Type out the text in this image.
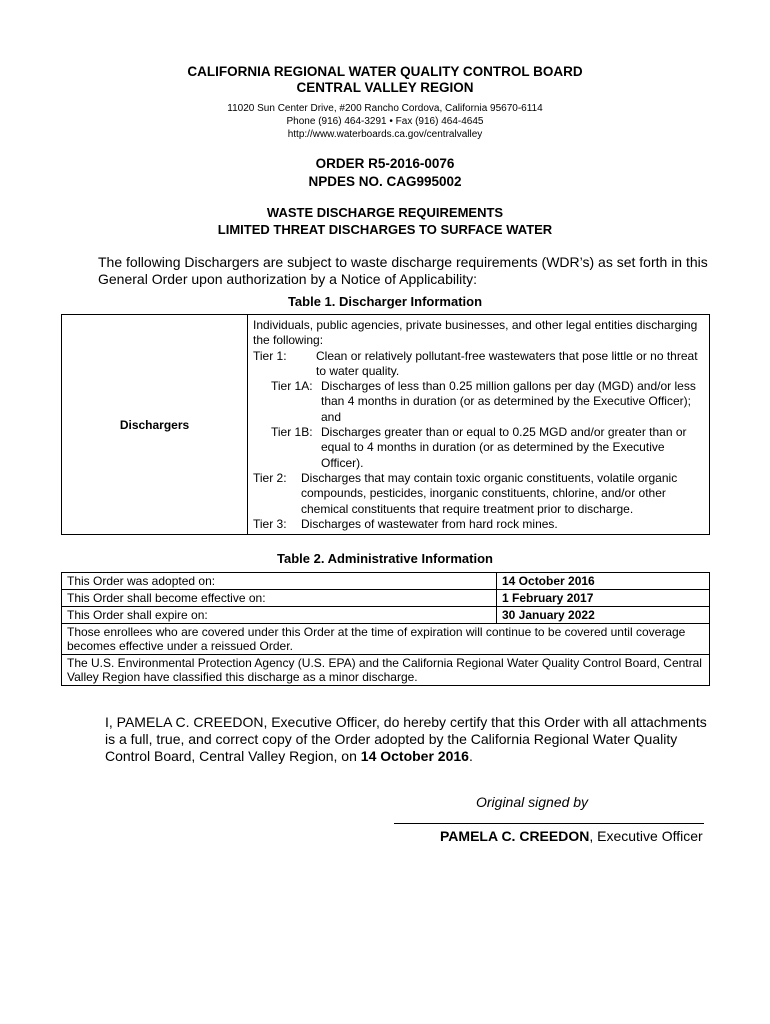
CALIFORNIA REGIONAL WATER QUALITY CONTROL BOARD
CENTRAL VALLEY REGION
11020 Sun Center Drive, #200 Rancho Cordova, California 95670-6114
Phone (916) 464-3291 • Fax (916) 464-4645
http://www.waterboards.ca.gov/centralvalley
ORDER R5-2016-0076
NPDES NO. CAG995002
WASTE DISCHARGE REQUIREMENTS
LIMITED THREAT DISCHARGES TO SURFACE WATER
The following Dischargers are subject to waste discharge requirements (WDR’s) as set forth in this General Order upon authorization by a Notice of Applicability:
Table 1. Discharger Information
Dischargers	
Individuals, public agencies, private businesses, and other legal entities discharging the following:
Tier 1:	Clean or relatively pollutant-free wastewaters that pose little or no threat to water quality.
Tier 1A: Discharges of less than 0.25 million gallons per day (MGD) and/or less than 4 months in duration (or as determined by the Executive Officer); and
Tier 1B: Discharges greater than or equal to 0.25 MGD and/or greater than or equal to 4 months in duration (or as determined by the Executive Officer).
Tier 2:	Discharges that may contain toxic organic constituents, volatile organic compounds, pesticides, inorganic constituents, chlorine, and/or other chemical constituents that require treatment prior to discharge.
Tier 3:	Discharges of wastewater from hard rock mines.
Table 2. Administrative Information
This Order was adopted on:	14 October 2016
This Order shall become effective on:	1 February 2017
This Order shall expire on:	30 January 2022
Those enrollees who are covered under this Order at the time of expiration will continue to be covered until coverage becomes effective under a reissued Order.	
The U.S. Environmental Protection Agency (U.S. EPA) and the California Regional Water Quality Control Board, Central Valley Region have classified this discharge as a minor discharge.	
I, PAMELA C. CREEDON, Executive Officer, do hereby certify that this Order with all attachments is a full, true, and correct copy of the Order adopted by the California Regional Water Quality Control Board, Central Valley Region, on 14 October 2016.
Original signed by
PAMELA C. CREEDON, Executive Officer
